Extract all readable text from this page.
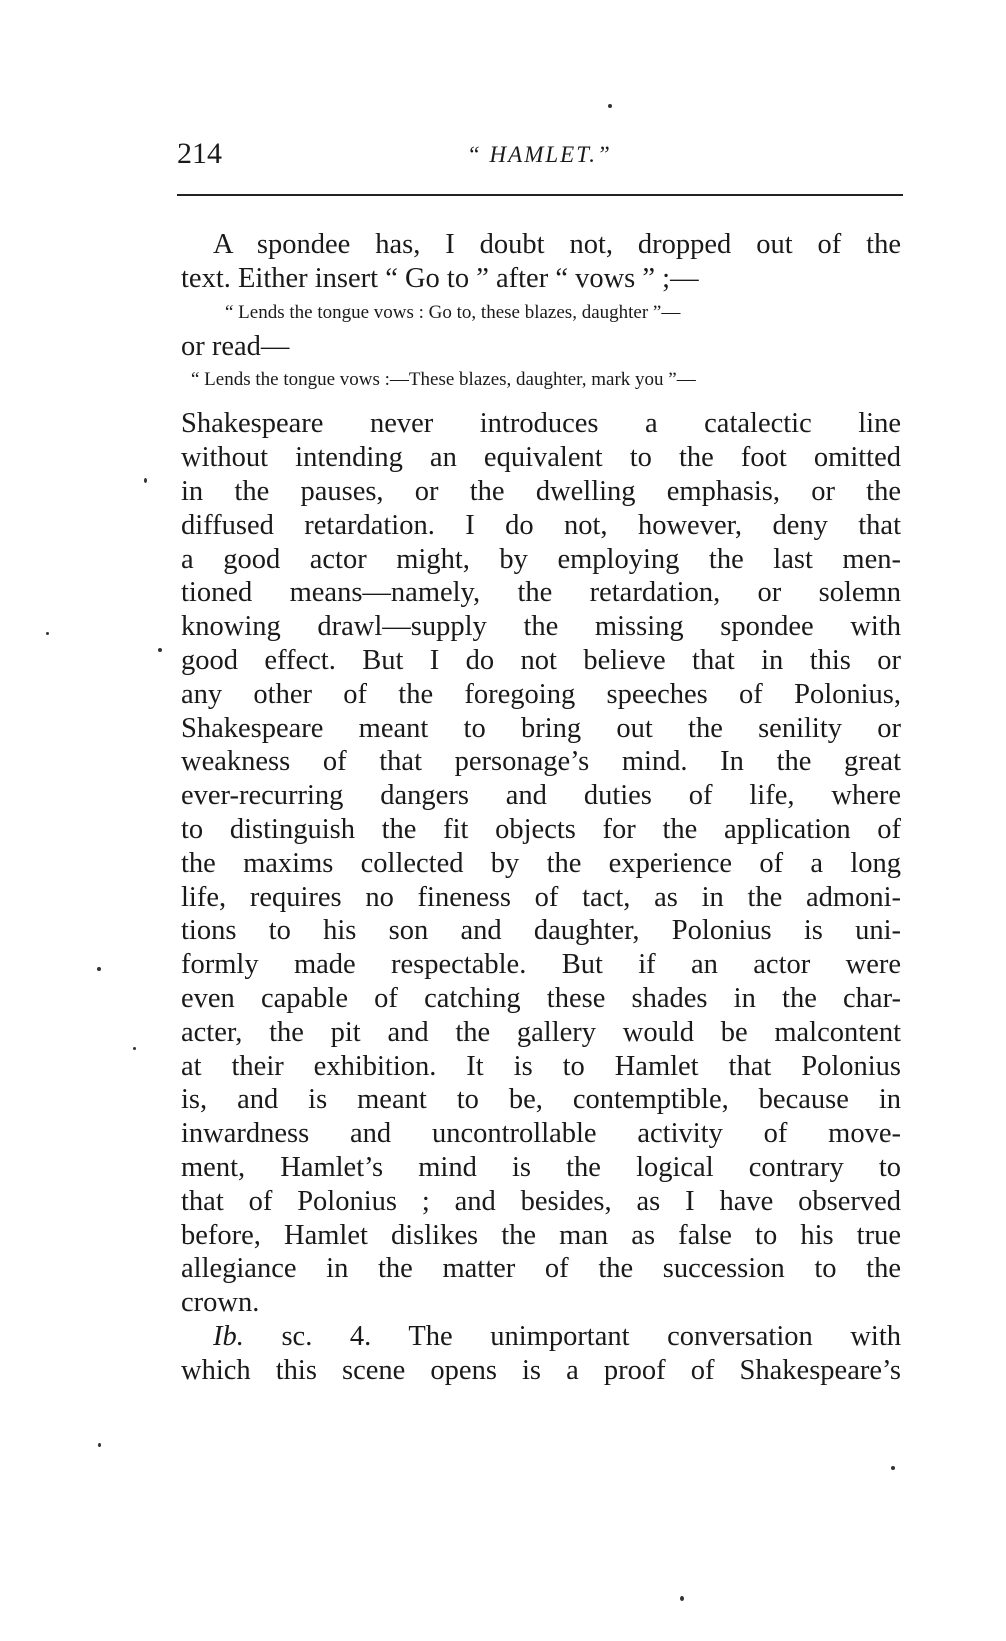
214	“ HAMLET.”
A spondee has, I doubt not, dropped out of the
text. Either insert “ Go to ” after “ vows ” ;—
“ Lends the tongue vows : Go to, these blazes, daughter ”—
or read—
“ Lends the tongue vows :—These blazes, daughter, mark you ”—
Shakespeare never introduces a catalectic line
without intending an equivalent to the foot omitted
in the pauses, or the dwelling emphasis, or the
diffused retardation. I do not, however, deny that
a good actor might, by employing the last men-
tioned means—namely, the retardation, or solemn
knowing drawl—supply the missing spondee with
good effect. But I do not believe that in this or
any other of the foregoing speeches of Polonius,
Shakespeare meant to bring out the senility or
weakness of that personage’s mind. In the great
ever-recurring dangers and duties of life, where
to distinguish the fit objects for the application of
the maxims collected by the experience of a long
life, requires no fineness of tact, as in the admoni-
tions to his son and daughter, Polonius is uni-
formly made respectable. But if an actor were
even capable of catching these shades in the char-
acter, the pit and the gallery would be malcontent
at their exhibition. It is to Hamlet that Polonius
is, and is meant to be, contemptible, because in
inwardness and uncontrollable activity of move-
ment, Hamlet’s mind is the logical contrary to
that of Polonius ; and besides, as I have observed
before, Hamlet dislikes the man as false to his true
allegiance in the matter of the succession to the
crown.
Ib. sc. 4. The unimportant conversation with
which this scene opens is a proof of Shakespeare’s
